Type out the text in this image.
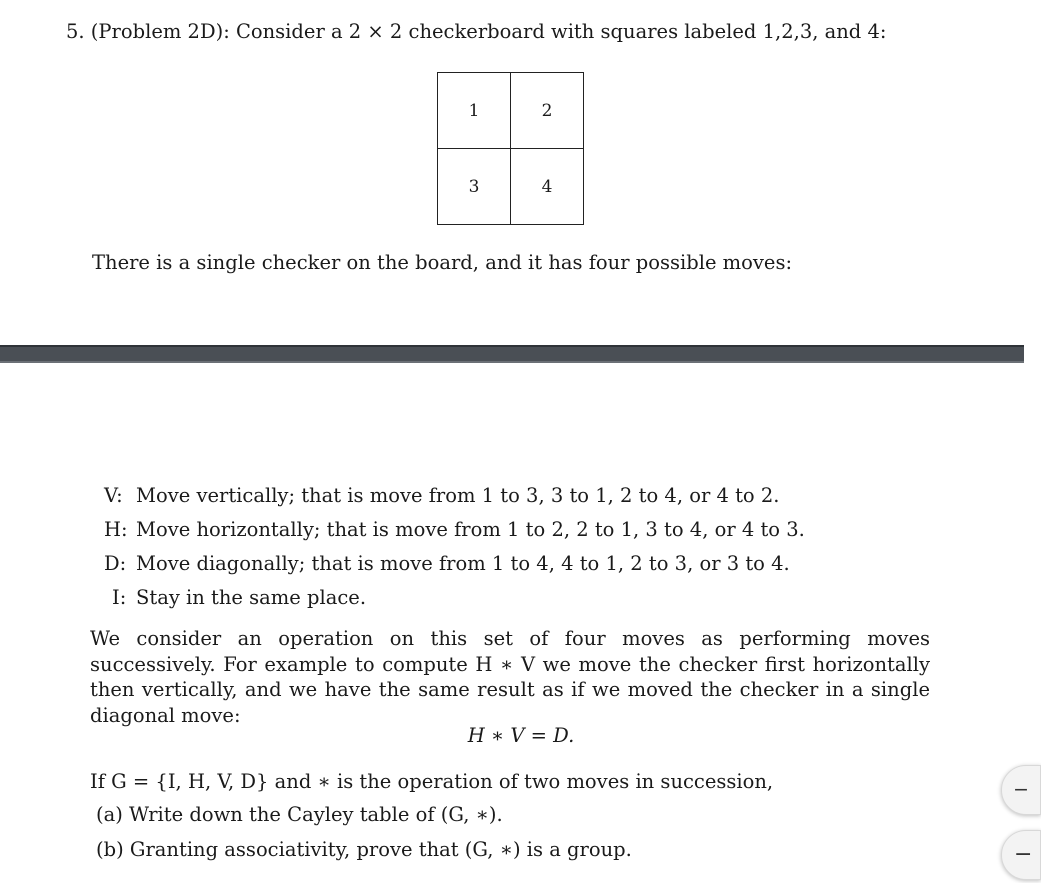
5. (Problem 2D): Consider a 2 × 2 checkerboard with squares labeled 1,2,3, and 4:
1	2
3	4
There is a single checker on the board, and it has four possible moves:
V: Move vertically; that is move from 1 to 3, 3 to 1, 2 to 4, or 4 to 2.
H: Move horizontally; that is move from 1 to 2, 2 to 1, 3 to 4, or 4 to 3.
D: Move diagonally; that is move from 1 to 4, 4 to 1, 2 to 3, or 3 to 4.
I: Stay in the same place.
We consider an operation on this set of four moves as performing moves successively. For example to compute H ∗ V we move the checker first horizontally then vertically, and we have the same result as if we moved the checker in a single diagonal move:
H ∗ V = D.
If G = {I, H, V, D} and ∗ is the operation of two moves in succession,
(a) Write down the Cayley table of (G, ∗).
(b) Granting associativity, prove that (G, ∗) is a group.
‒
−
